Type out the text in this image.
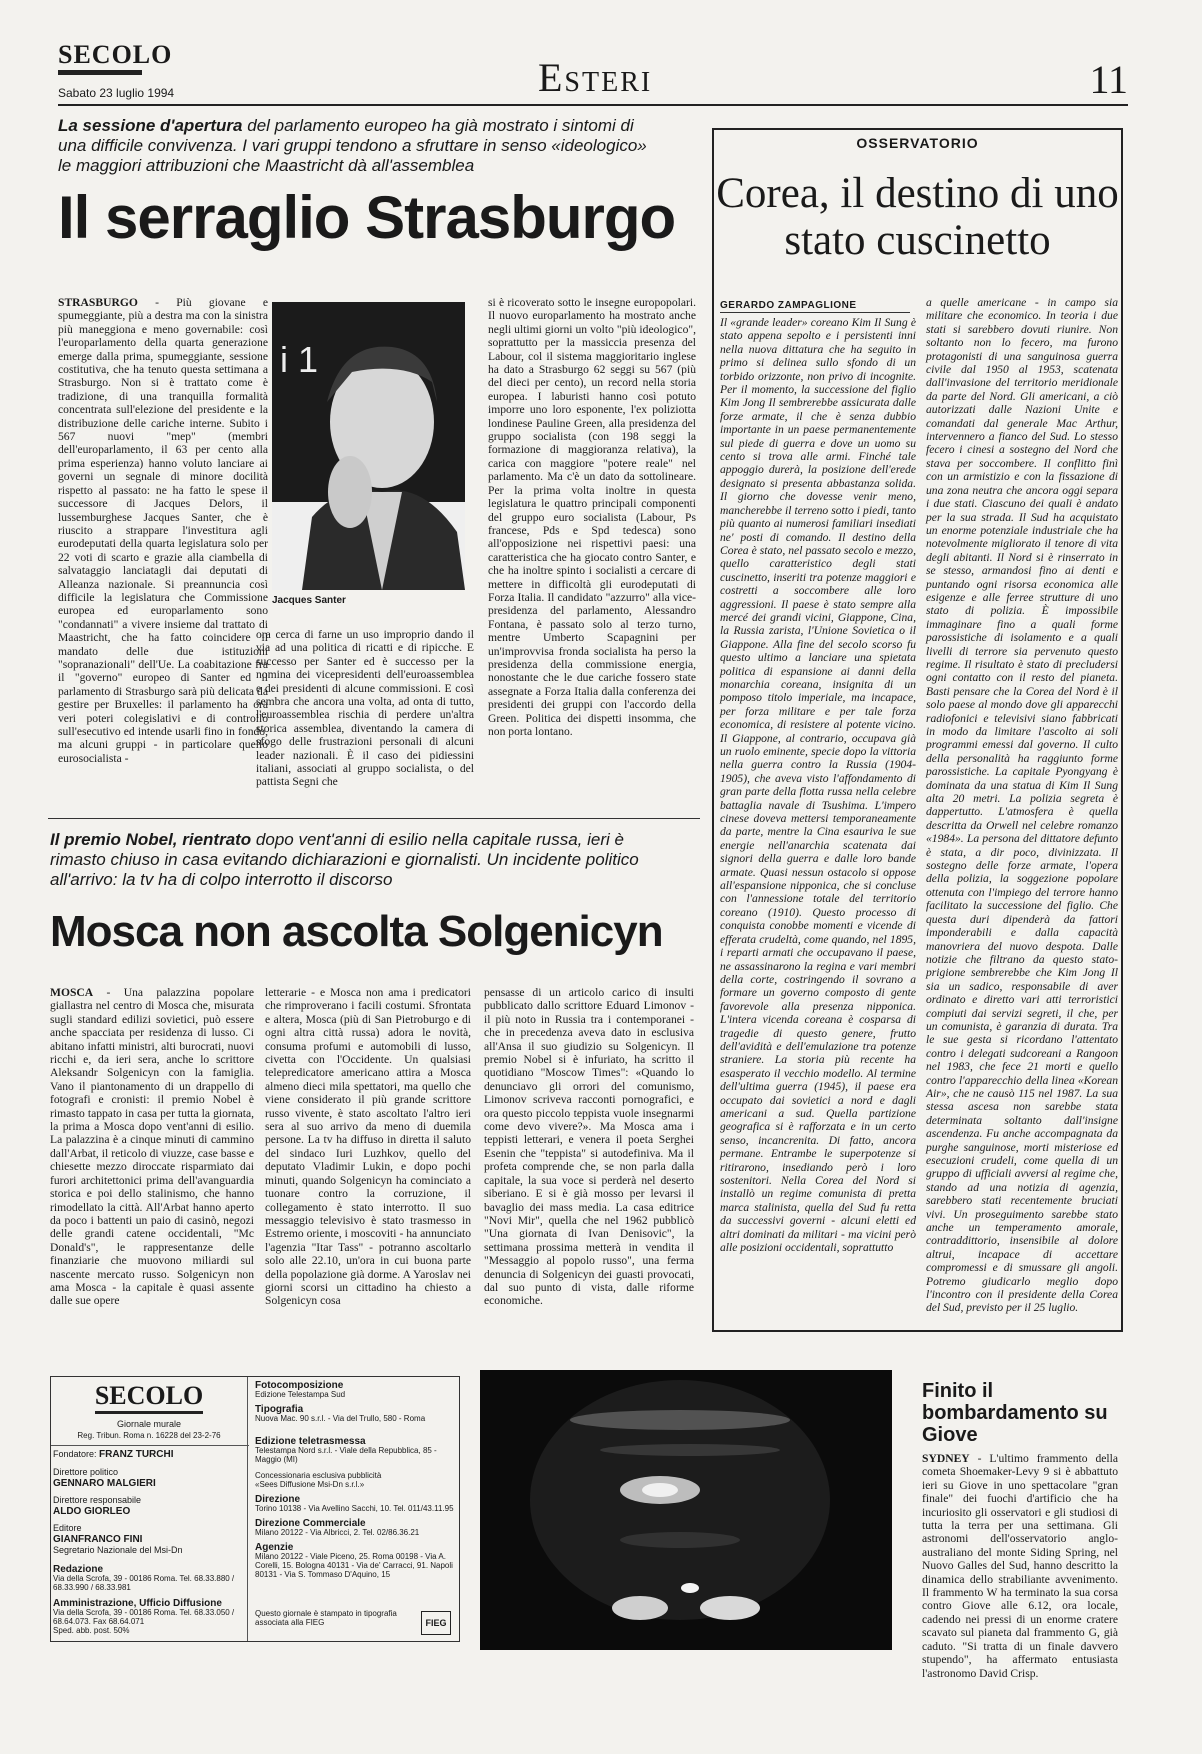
SECOLO
Sabato 23 luglio 1994	Esteri	11
La sessione d'apertura del parlamento europeo ha già mostrato i sintomi di una difficile convivenza. I vari gruppi tendono a sfruttare in senso «ideologico» le maggiori attribuzioni che Maastricht dà all'assemblea
Il serraglio Strasburgo
STRASBURGO - Più giovane e spumeggiante, più a destra ma con la sinistra più maneggiona e meno governabile: così l'europarlamento della quarta generazione emerge dalla prima, spumeggiante, sessione costitutiva, che ha tenuto questa settimana a Strasburgo. Non si è trattato come è tradizione, di una tranquilla formalità concentrata sull'elezione del presidente e la distribuzione delle cariche interne. Subito i 567 nuovi "mep" (membri dell'europarlamento, il 63 per cento alla prima esperienza) hanno voluto lanciare ai governi un segnale di minore docilità rispetto al passato: ne ha fatto le spese il successore di Jacques Delors, il lussemburghese Jacques Santer, che è riuscito a strappare l'investitura agli eurodeputati della quarta legislatura solo per 22 voti di scarto e grazie alla ciambella di salvataggio lanciatagli dai deputati di Alleanza nazionale. Si preannuncia così difficile la legislatura che Commissione europea ed europarlamento sono "condannati" a vivere insieme dal trattato di Maastricht, che ha fatto coincidere il mandato delle due istituzioni "sopranazionali" dell'Ue. La coabitazione fra il "governo" europeo di Santer ed il parlamento di Strasburgo sarà più delicata da gestire per Bruxelles: il parlamento ha ora veri poteri colegislativi e di controllo sull'esecutivo ed intende usarli fino in fondo, ma alcuni gruppi - in particolare quello eurosocialista -
i 1
Jacques Santer
ora cerca di farne un uso improprio dando il via ad una politica di ricatti e di ripicche. E successo per Santer ed è successo per la nomina dei vicepresidenti dell'euroassemblea e dei presidenti di alcune commissioni. E così sembra che ancora una volta, ad onta di tutto, l'euroassemblea rischia di perdere un'altra storica assemblea, diventando la camera di sfogo delle frustrazioni personali di alcuni leader nazionali. È il caso dei pidiessini italiani, associati al gruppo socialista, o del pattista Segni che
si è ricoverato sotto le insegne europopolari. Il nuovo europarlamento ha mostrato anche negli ultimi giorni un volto "più ideologico", soprattutto per la massiccia presenza del Labour, col il sistema maggioritario inglese ha dato a Strasburgo 62 seggi su 567 (più del dieci per cento), un record nella storia europea. I laburisti hanno così potuto imporre uno loro esponente, l'ex poliziotta londinese Pauline Green, alla presidenza del gruppo socialista (con 198 seggi la formazione di maggioranza relativa), la carica con maggiore "potere reale" nel parlamento. Ma c'è un dato da sottolineare. Per la prima volta inoltre in questa legislatura le quattro principali componenti del gruppo euro socialista (Labour, Ps francese, Pds e Spd tedesca) sono all'opposizione nei rispettivi paesi: una caratteristica che ha giocato contro Santer, e che ha inoltre spinto i socialisti a cercare di mettere in difficoltà gli eurodeputati di Forza Italia. Il candidato "azzurro" alla vice-presidenza del parlamento, Alessandro Fontana, è passato solo al terzo turno, mentre Umberto Scapagnini per un'improvvisa fronda socialista ha perso la presidenza della commissione energia, nonostante che le due cariche fossero state assegnate a Forza Italia dalla conferenza dei presidenti dei gruppi con l'accordo della Green. Politica dei dispetti insomma, che non porta lontano.
Il premio Nobel, rientrato dopo vent'anni di esilio nella capitale russa, ieri è rimasto chiuso in casa evitando dichiarazioni e giornalisti. Un incidente politico all'arrivo: la tv ha di colpo interrotto il discorso
Mosca non ascolta Solgenicyn
MOSCA - Una palazzina popolare giallastra nel centro di Mosca che, misurata sugli standard edilizi sovietici, può essere anche spacciata per residenza di lusso. Ci abitano infatti ministri, alti burocrati, nuovi ricchi e, da ieri sera, anche lo scrittore Aleksandr Solgenicyn con la famiglia. Vano il piantonamento di un drappello di fotografi e cronisti: il premio Nobel è rimasto tappato in casa per tutta la giornata, la prima a Mosca dopo vent'anni di esilio. La palazzina è a cinque minuti di cammino dall'Arbat, il reticolo di viuzze, case basse e chiesette mezzo diroccate risparmiato dai furori architettonici prima dell'avanguardia storica e poi dello stalinismo, che hanno rimodellato la città. All'Arbat hanno aperto da poco i battenti un paio di casinò, negozi delle grandi catene occidentali, "Mc Donald's", le rappresentanze delle finanziarie che muovono miliardi sul nascente mercato russo. Solgenicyn non ama Mosca - la capitale è quasi assente dalle sue opere
letterarie - e Mosca non ama i predicatori che rimproverano i facili costumi. Sfrontata e altera, Mosca (più di San Pietroburgo e di ogni altra città russa) adora le novità, consuma profumi e automobili di lusso, civetta con l'Occidente. Un qualsiasi telepredicatore americano attira a Mosca almeno dieci mila spettatori, ma quello che viene considerato il più grande scrittore russo vivente, è stato ascoltato l'altro ieri sera al suo arrivo da meno di duemila persone. La tv ha diffuso in diretta il saluto del sindaco Iuri Luzhkov, quello del deputato Vladimir Lukin, e dopo pochi minuti, quando Solgenicyn ha cominciato a tuonare contro la corruzione, il collegamento è stato interrotto. Il suo messaggio televisivo è stato trasmesso in Estremo oriente, i moscoviti - ha annunciato l'agenzia "Itar Tass" - potranno ascoltarlo solo alle 22.10, un'ora in cui buona parte della popolazione già dorme. A Yaroslav nei giorni scorsi un cittadino ha chiesto a Solgenicyn cosa
pensasse di un articolo carico di insulti pubblicato dallo scrittore Eduard Limonov - il più noto in Russia tra i contemporanei - che in precedenza aveva dato in esclusiva all'Ansa il suo giudizio su Solgenicyn. Il premio Nobel si è infuriato, ha scritto il quotidiano "Moscow Times": «Quando lo denunciavo gli orrori del comunismo, Limonov scriveva racconti pornografici, e ora questo piccolo teppista vuole insegnarmi come devo vivere?». Ma Mosca ama i teppisti letterari, e venera il poeta Serghei Esenin che "teppista" si autodefiniva. Ma il profeta comprende che, se non parla dalla capitale, la sua voce si perderà nel deserto siberiano. E si è già mosso per levarsi il bavaglio dei mass media. La casa editrice "Novi Mir", quella che nel 1962 pubblicò "Una giornata di Ivan Denisovic", la settimana prossima metterà in vendita il "Messaggio al popolo russo", una ferma denuncia di Solgenicyn dei guasti provocati, dal suo punto di vista, dalle riforme economiche.
OSSERVATORIO
Corea, il destino di uno stato cuscinetto
GERARDO ZAMPAGLIONE
Il «grande leader» coreano Kim Il Sung è stato appena sepolto e i persistenti inni nella nuova dittatura che ha seguito in primo si delinea sullo sfondo di un torbido orizzonte, non privo di incognite. Per il momento, la successione del figlio Kim Jong Il sembrerebbe assicurata dalle forze armate, il che è senza dubbio importante in un paese permanentemente sul piede di guerra e dove un uomo su cento si trova alle armi. Finché tale appoggio durerà, la posizione dell'erede designato si presenta abbastanza solida. Il giorno che dovesse venir meno, mancherebbe il terreno sotto i piedi, tanto più quanto ai numerosi familiari insediati ne' posti di comando. Il destino della Corea è stato, nel passato secolo e mezzo, quello caratteristico degli stati cuscinetto, inseriti tra potenze maggiori e costretti a soccombere alle loro aggressioni. Il paese è stato sempre alla mercé dei grandi vicini, Giappone, Cina, la Russia zarista, l'Unione Sovietica o il Giappone. Alla fine del secolo scorso fu questo ultimo a lanciare una spietata politica di espansione ai danni della monarchia coreana, insignita di un pomposo titolo imperiale, ma incapace, per forza militare e per tale forza economica, di resistere al potente vicino. Il Giappone, al contrario, occupava già un ruolo eminente, specie dopo la vittoria nella guerra contro la Russia (1904-1905), che aveva visto l'affondamento di gran parte della flotta russa nella celebre battaglia navale di Tsushima. L'impero cinese doveva mettersi temporaneamente da parte, mentre la Cina esauriva le sue energie nell'anarchia scatenata dai signori della guerra e dalle loro bande armate. Quasi nessun ostacolo si oppose all'espansione nipponica, che si concluse con l'annessione totale del territorio coreano (1910). Questo processo di conquista conobbe momenti e vicende di efferata crudeltà, come quando, nel 1895, i reparti armati che occupavano il paese, ne assassinarono la regina e vari membri della corte, costringendo il sovrano a formare un governo composto di gente favorevole alla presenza nipponica. L'intera vicenda coreana è cosparsa di tragedie di questo genere, frutto dell'avidità e dell'emulazione tra potenze straniere. La storia più recente ha esasperato il vecchio modello. Al termine dell'ultima guerra (1945), il paese era occupato dai sovietici a nord e dagli americani a sud. Quella partizione geografica si è rafforzata e in un certo senso, incancrenita. Di fatto, ancora permane. Entrambe le superpotenze si ritirarono, insediando però i loro sostenitori. Nella Corea del Nord si installò un regime comunista di pretta marca stalinista, quella del Sud fu retta da successivi governi - alcuni eletti ed altri dominati da militari - ma vicini però alle posizioni occidentali, soprattutto
a quelle americane - in campo sia militare che economico. In teoria i due stati si sarebbero dovuti riunire. Non soltanto non lo fecero, ma furono protagonisti di una sanguinosa guerra civile dal 1950 al 1953, scatenata dall'invasione del territorio meridionale da parte del Nord. Gli americani, a ciò autorizzati dalle Nazioni Unite e comandati dal generale Mac Arthur, intervennero a fianco del Sud. Lo stesso fecero i cinesi a sostegno del Nord che stava per soccombere. Il conflitto finì con un armistizio e con la fissazione di una zona neutra che ancora oggi separa i due stati. Ciascuno dei quali è andato per la sua strada. Il Sud ha acquistato un enorme potenziale industriale che ha notevolmente migliorato il tenore di vita degli abitanti. Il Nord si è rinserrato in se stesso, armandosi fino ai denti e puntando ogni risorsa economica alle esigenze e alle ferree strutture di uno stato di polizia. È impossibile immaginare fino a quali forme parossistiche di isolamento e a quali livelli di terrore sia pervenuto questo regime. Il risultato è stato di precludersi ogni contatto con il resto del pianeta. Basti pensare che la Corea del Nord è il solo paese al mondo dove gli apparecchi radiofonici e televisivi siano fabbricati in modo da limitare l'ascolto ai soli programmi emessi dal governo. Il culto della personalità ha raggiunto forme parossistiche. La capitale Pyongyang è dominata da una statua di Kim Il Sung alta 20 metri. La polizia segreta è dappertutto. L'atmosfera è quella descritta da Orwell nel celebre romanzo «1984». La persona del dittatore defunto è stata, a dir poco, divinizzata. Il sostegno delle forze armate, l'opera della polizia, la soggezione popolare ottenuta con l'impiego del terrore hanno facilitato la successione del figlio. Che questa duri dipenderà da fattori imponderabili e dalla capacità manovriera del nuovo despota. Dalle notizie che filtrano da questo stato-prigione sembrerebbe che Kim Jong Il sia un sadico, responsabile di aver ordinato e diretto vari atti terroristici compiuti dai servizi segreti, il che, per un comunista, è garanzia di durata. Tra le sue gesta si ricordano l'attentato contro i delegati sudcoreani a Rangoon nel 1983, che fece 21 morti e quello contro l'apparecchio della linea «Korean Air», che ne causò 115 nel 1987. La sua stessa ascesa non sarebbe stata determinata soltanto dall'insigne ascendenza. Fu anche accompagnata da purghe sanguinose, morti misteriose ed esecuzioni crudeli, come quella di un gruppo di ufficiali avversi al regime che, stando ad una notizia di agenzia, sarebbero stati recentemente bruciati vivi. Un proseguimento sarebbe stato anche un temperamento amorale, contraddittorio, insensibile al dolore altrui, incapace di accettare compromessi e di smussare gli angoli. Potremo giudicarlo meglio dopo l'incontro con il presidente della Corea del Sud, previsto per il 25 luglio.
SECOLO
Giornale murale
Reg. Tribun. Roma n. 16228 del 23-2-76
Fondatore: FRANZ TURCHI
Direttore politico
GENNARO MALGIERI
Direttore responsabile
ALDO GIORLEO
Editore
GIANFRANCO FINI
Segretario Nazionale del Msi-Dn
Redazione
Via della Scrofa, 39 - 00186 Roma. Tel. 68.33.880 / 68.33.990 / 68.33.981
Amministrazione, Ufficio Diffusione
Via della Scrofa, 39 - 00186 Roma. Tel. 68.33.050 / 68.64.073. Fax 68.64.071
Sped. abb. post. 50%
Fotocomposizione
Edizione Telestampa Sud
Tipografia
Nuova Mac. 90 s.r.l. - Via del Trullo, 580 - Roma
Edizione teletrasmessa
Telestampa Nord s.r.l. - Viale della Repubblica, 85 - Maggio (MI)
Concessionaria esclusiva pubblicità
«Sees Diffusione Msi-Dn s.r.l.»
Direzione
Torino 10138 - Via Avellino Sacchi, 10. Tel. 011/43.11.95
Direzione Commerciale
Milano 20122 - Via Albricci, 2. Tel. 02/86.36.21
Agenzie
Milano 20122 - Viale Piceno, 25. Roma 00198 - Via A. Corelli, 15. Bologna 40131 - Via de' Carracci, 91. Napoli 80131 - Via S. Tommaso D'Aquino, 15
Questo giornale è stampato in tipografia associata alla FIEG	FIEG
Finito il bombardamento su Giove
SYDNEY - L'ultimo frammento della cometa Shoemaker-Levy 9 si è abbattuto ieri su Giove in uno spettacolare "gran finale" dei fuochi d'artificio che ha incuriosito gli osservatori e gli studiosi di tutta la terra per una settimana. Gli astronomi dell'osservatorio anglo-australiano del monte Siding Spring, nel Nuovo Galles del Sud, hanno descritto la dinamica dello strabiliante avvenimento. Il frammento W ha terminato la sua corsa contro Giove alle 6.12, ora locale, cadendo nei pressi di un enorme cratere scavato sul pianeta dal frammento G, già caduto. "Si tratta di un finale davvero stupendo", ha affermato entusiasta l'astronomo David Crisp.
